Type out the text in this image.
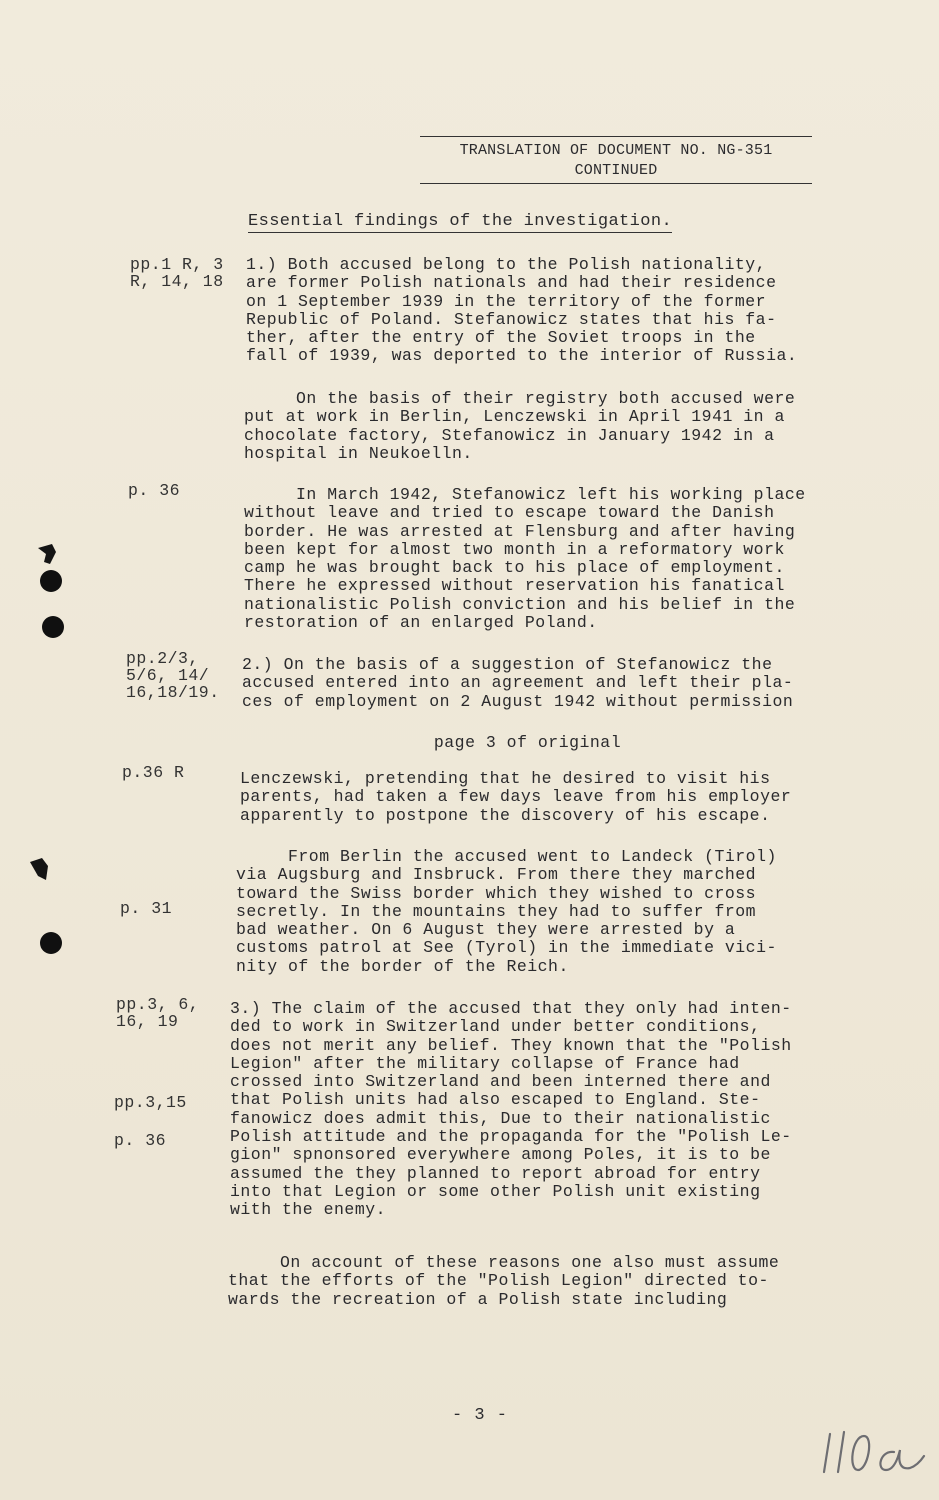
TRANSLATION OF DOCUMENT NO. NG-351
CONTINUED
Essential findings of the investigation.
pp.1 R, 3
R, 14, 18
p. 36
pp.2/3,
5/6, 14/
16,18/19.
p.36 R
p. 31
pp.3, 6,
16, 19
pp.3,15
p. 36
1.) Both accused belong to the Polish nationality,
are former Polish nationals and had their residence
on 1 September 1939 in the territory of the former
Republic of Poland. Stefanowicz states that his fa-
ther, after the entry of the Soviet troops in the
fall of 1939, was deported to the interior of Russia.
On the basis of their registry both accused were
put at work in Berlin, Lenczewski in April 1941 in a
chocolate factory, Stefanowicz in January 1942 in a
hospital in Neukoelln.
In March 1942, Stefanowicz left his working place
without leave and tried to escape toward the Danish
border. He was arrested at Flensburg and after having
been kept for almost two month in a reformatory work
camp he was brought back to his place of employment.
There he expressed without reservation his fanatical
nationalistic Polish conviction and his belief in the
restoration of an enlarged Poland.
2.) On the basis of a suggestion of Stefanowicz the
accused entered into an agreement and left their pla-
ces of employment on 2 August 1942 without permission
page 3 of original
Lenczewski, pretending that he desired to visit his
parents, had taken a few days leave from his employer
apparently to postpone the discovery of his escape.
From Berlin the accused went to Landeck (Tirol)
via Augsburg and Insbruck. From there they marched
toward the Swiss border which they wished to cross
secretly. In the mountains they had to suffer from
bad weather. On 6 August they were arrested by a
customs patrol at See (Tyrol) in the immediate vici-
nity of the border of the Reich.
3.) The claim of the accused that they only had inten-
ded to work in Switzerland under better conditions,
does not merit any belief. They known that the "Polish
Legion" after the military collapse of France had
crossed into Switzerland and been interned there and
that Polish units had also escaped to England. Ste-
fanowicz does admit this, Due to their nationalistic
Polish attitude and the propaganda for the "Polish Le-
gion" spnonsored everywhere among Poles, it is to be
assumed the they planned to report abroad for entry
into that Legion or some other Polish unit existing
with the enemy.
On account of these reasons one also must assume
that the efforts of the "Polish Legion" directed to-
wards the recreation of a Polish state including
- 3 -
